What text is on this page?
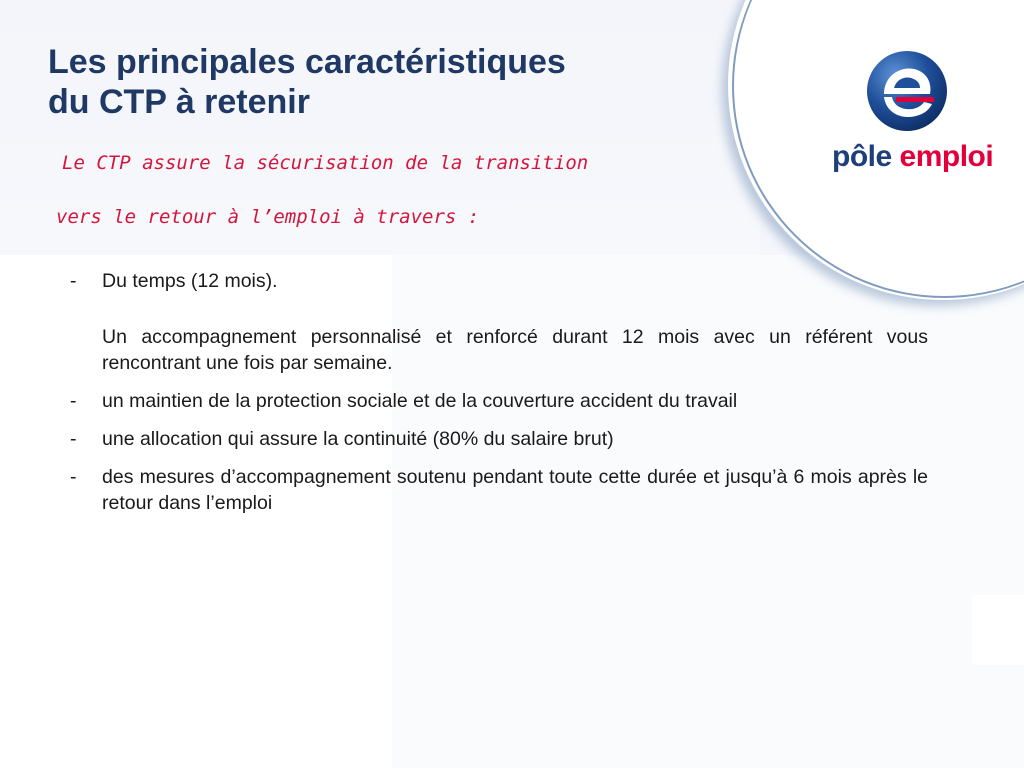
pôle emploi
Les principales caractéristiques
du CTP à retenir

Le CTP assure la sécurisation de la transition

vers le retour à l’emploi à travers :

- Du temps (12 mois).
Un accompagnement personnalisé et renforcé durant 12 mois avec un référent vous rencontrant une fois par semaine.
- un maintien de la protection sociale et de la couverture accident du travail
- une allocation qui assure la continuité (80% du salaire brut)
- des mesures d’accompagnement soutenu pendant toute cette durée et jusqu’à 6 mois après le retour dans l’emploi
